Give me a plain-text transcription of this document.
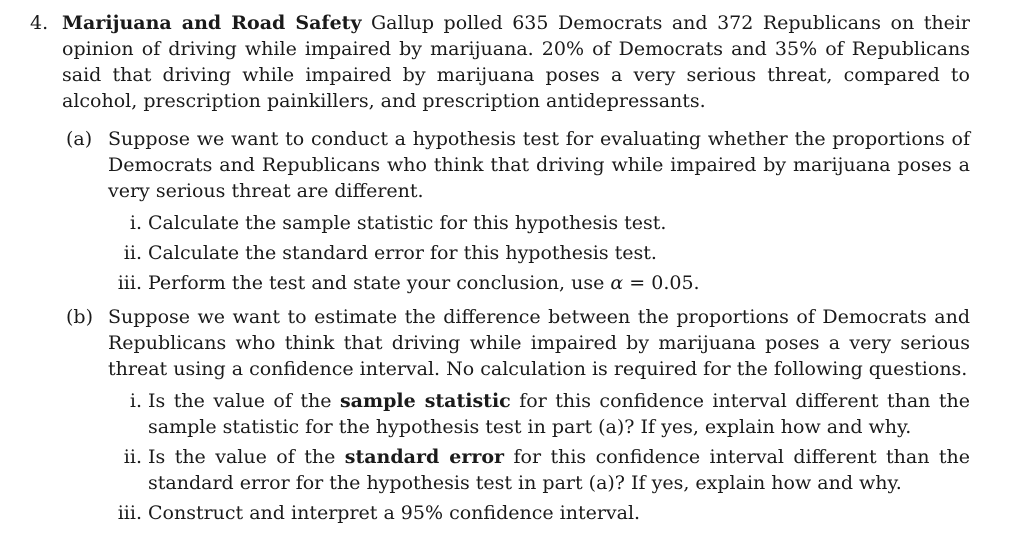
4. Marijuana and Road Safety Gallup polled 635 Democrats and 372 Republicans on their opinion of driving while impaired by marijuana. 20% of Democrats and 35% of Republicans said that driving while impaired by marijuana poses a very serious threat, compared to alcohol, prescription painkillers, and prescription antidepressants.
(a) Suppose we want to conduct a hypothesis test for evaluating whether the proportions of Democrats and Republicans who think that driving while impaired by marijuana poses a very serious threat are different.
i. Calculate the sample statistic for this hypothesis test.
ii. Calculate the standard error for this hypothesis test.
iii. Perform the test and state your conclusion, use α = 0.05.
(b) Suppose we want to estimate the difference between the proportions of Democrats and Republicans who think that driving while impaired by marijuana poses a very serious threat using a confidence interval. No calculation is required for the following questions.
i. Is the value of the sample statistic for this confidence interval different than the sample statistic for the hypothesis test in part (a)? If yes, explain how and why.
ii. Is the value of the standard error for this confidence interval different than the standard error for the hypothesis test in part (a)? If yes, explain how and why.
iii. Construct and interpret a 95% confidence interval.
